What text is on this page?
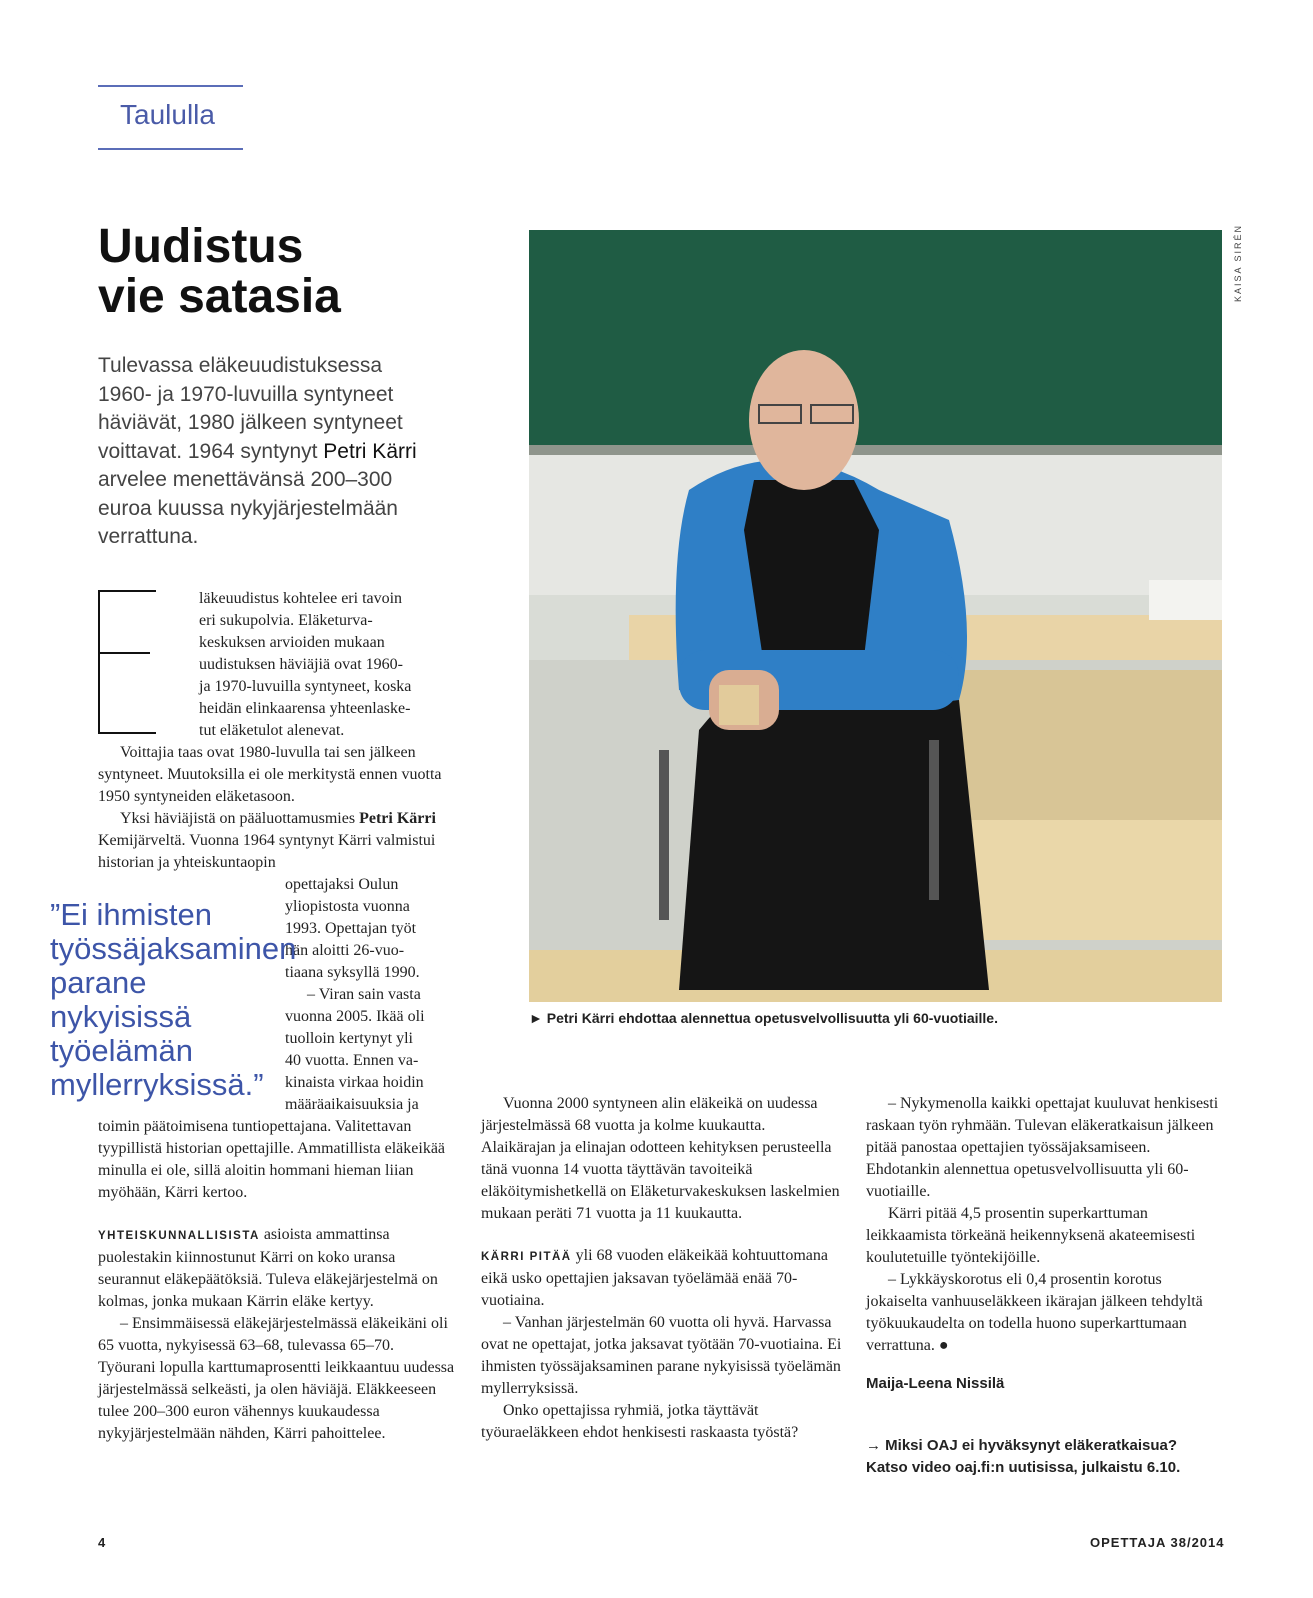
Taululla
Uudistus
vie satasia
Tulevassa eläkeuudistuksessa 1960- ja 1970-luvuilla syntyneet häviävät, 1980 jälkeen syntyneet voittavat. 1964 syntynyt Petri Kärri arvelee menettävänsä 200–300 euroa kuussa nykyjärjestelmään verrattuna.
läkeuudistus kohtelee eri tavoin
eri sukupolvia. Eläketurva-
keskuksen arvioiden mukaan
uudistuksen häviäjiä ovat 1960-
ja 1970-luvuilla syntyneet, koska
heidän elinkaarensa yhteenlaske-
tut eläketulot alenevat.

Voittajia taas ovat 1980-luvulla tai sen jälkeen syntyneet. Muutoksilla ei ole merkitystä ennen vuotta 1950 syntyneiden eläketasoon.

Yksi häviäjistä on pääluottamusmies Petri Kärri Kemijärveltä. Vuonna 1964 syntynyt Kärri valmistui historian ja yhteiskuntaopin

opettajaksi Oulun
yliopistosta vuonna
1993. Opettajan työt
hän aloitti 26-vuo-
tiaana syksyllä 1990.
– Viran sain vasta
vuonna 2005. Ikää oli
tuolloin kertynyt yli
40 vuotta. Ennen va-
kinaista virkaa hoidin
määräaikaisuuksia ja

toimin päätoimisena tuntiopettajana. Valitettavan tyypillistä historian opettajille. Ammatillista eläkeikää minulla ei ole, sillä aloitin hommani hieman liian myöhään, Kärri kertoo.

YHTEISKUNNALLISISTA asioista ammattinsa puolestakin kiinnostunut Kärri on koko uransa seurannut eläkepäätöksiä. Tuleva eläkejärjestelmä on kolmas, jonka mukaan Kärrin eläke kertyy.

– Ensimmäisessä eläkejärjestelmässä eläkeikäni oli 65 vuotta, nykyisessä 63–68, tulevassa 65–70. Työurani lopulla karttumaprosentti leikkaantuu uudessa järjestelmässä selkeästi, ja olen häviäjä. Eläkkeeseen tulee 200–300 euron vähennys kuukaudessa nykyjärjestelmään nähden, Kärri pahoittelee.

”Ei ihmisten työssäjaksaminen parane nykyisissä työelämän myllerryksissä.”
KAISA SIRÉN
► Petri Kärri ehdottaa alennettua opetusvelvollisuutta yli 60-vuotiaille.

Vuonna 2000 syntyneen alin eläkeikä on uudessa järjestelmässä 68 vuotta ja kolme kuukautta. Alaikärajan ja elinajan odotteen kehityksen perusteella tänä vuonna 14 vuotta täyttävän tavoiteikä eläköitymishetkellä on Eläketurvakeskuksen laskelmien mukaan peräti 71 vuotta ja 11 kuukautta.

KÄRRI PITÄÄ yli 68 vuoden eläkeikää kohtuuttomana eikä usko opettajien jaksavan työelämää enää 70-vuotiaina.

– Vanhan järjestelmän 60 vuotta oli hyvä. Harvassa ovat ne opettajat, jotka jaksavat työtään 70-vuotiaina. Ei ihmisten työssäjaksaminen parane nykyisissä työelämän myllerryksissä.

Onko opettajissa ryhmiä, jotka täyttävät työuraeläkkeen ehdot henkisesti raskaasta työstä?

– Nykymenolla kaikki opettajat kuuluvat henkisesti raskaan työn ryhmään. Tulevan eläkeratkaisun jälkeen pitää panostaa opettajien työssäjaksamiseen. Ehdotankin alennettua opetusvelvollisuutta yli 60-vuotiaille.

Kärri pitää 4,5 prosentin superkarttuman leikkaamista törkeänä heikennyksenä akateemisesti koulutetuille työntekijöille.

– Lykkäyskorotus eli 0,4 prosentin korotus jokaiselta vanhuuseläkkeen ikärajan jälkeen tehdyltä työkuukaudelta on todella huono superkarttumaan verrattuna. ●

Maija-Leena Nissilä

→ Miksi OAJ ei hyväksynyt eläkeratkaisua?
Katso video oaj.fi:n uutisissa, julkaistu 6.10.
4	OPETTAJA 38/2014
